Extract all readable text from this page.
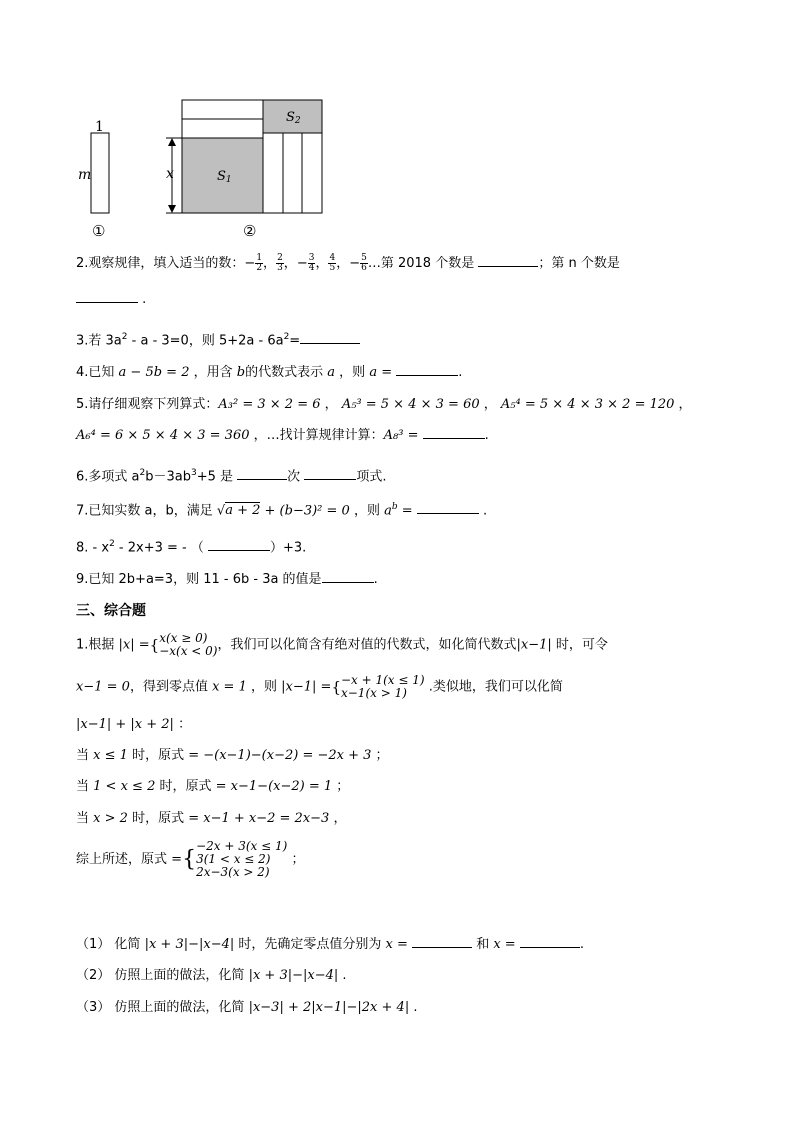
1
m	S1
S2
x
①	②
2.观察规律，填入适当的数：− $\frac{1}{2}$ ， $\frac{2}{3}$ ，− $\frac{3}{4}$ ， $\frac{4}{5}$ ，− $\frac{5}{6}$ …第 2018 个数是	；第 n 个数是
.
3.若 $3a^2 - a - 3=0$，则 $5+2a - 6a^2=$
4.已知 a − 5b = 2 ，用含 b的代数式表示 a ，则 a =	.
5.请仔细观察下列算式：A₃² = 3 × 2 = 6 ， A₅³ = 5 × 4 × 3 = 60 ， A₅⁴ = 5 × 4 × 3 × 2 = 120 ，
A₆⁴ = 6 × 5 × 4 × 3 = 360 ，…找计算规律计算：A₈³ =	.
6.多项式 $a^2b-3ab^3+5$ 是	次	项式.
7.已知实数 a，b，满足 √a + 2 + (b−3)² = 0 ，则 $a^b$ =	.
8. - $x^2 - 2x+3$ = - （	）+3.
9.已知 2b+a=3，则 11 - 6b - 3a 的值是	.
三、综合题
1.根据 |x| ={ x(x ≥ 0)
−x(x < 0) ，我们可以化简含有绝对值的代数式，如化简代数式|x−1| 时，可令
x−1 = 0，得到零点值 x = 1 ，则 |x−1| ={ −x + 1(x ≤ 1)
x−1(x > 1)	.类似地，我们可以化简
|x−1| + |x + 2| ：
当 x ≤ 1 时，原式 = −(x−1)−(x−2) = −2x + 3 ；
当 1 < x ≤ 2 时，原式 = x−1−(x−2) = 1 ；
当 x > 2 时，原式 = x−1 + x−2 = 2x−3 ，
综上所述，原式 ={
−2x + 3(x ≤ 1)
3(1 < x ≤ 2)
2x−3(x > 2)
；
（1） 化简 |x + 3|−|x−4| 时，先确定零点值分别为 x =	和 x =	.
（2） 仿照上面的做法，化简 |x + 3|−|x−4| .
（3） 仿照上面的做法，化简 |x−3| + 2|x−1|−|2x + 4| .
